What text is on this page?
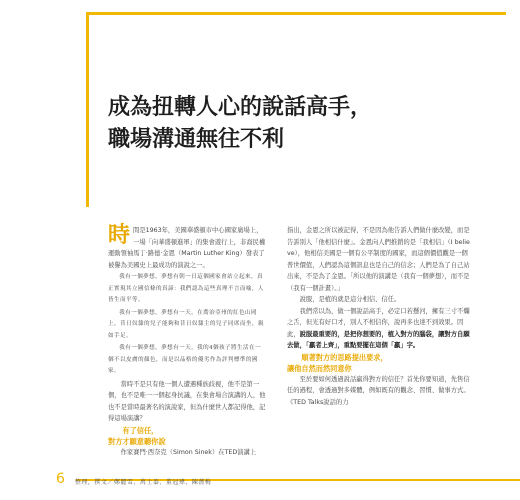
成為扭轉人心的說話高手，
職場溝通無往不利
時 間是1963年，美國華盛頓市中心國家廣場上，一場「向華盛頓進軍」的集會遊行上，非裔民權運動領袖馬丁·路德·金恩（Martin Luther King）發表了被譽為美國史上最成功的演說之一。

我有一個夢想，夢想有朝一日這個國家會站立起來，真正實現其立國信條的真諦：我們認為這些真理不言而喻，人皆生而平等。

我有一個夢想，夢想有一天，在喬治亞州的紅色山岡上，昔日奴隸的兒子能夠和昔日奴隸主的兒子同席而坐，親如手足。

我有一個夢想，夢想有一天，我的4個孩子將生活在一個不以皮膚的顏色，而是以品格的優劣作為評判標準的國家。

當時不是只有他一個人遭遇種族歧視，他不是第一個，也不是唯一一個起身抗議，在集會場合演講的人，他也不是當時最著名的演說家，但為什麼世人都記得他，記得這場演講？

有了信任，
對方才願意聽你說

作家賽門·西奈克（Simon Sinek）在TED演講上

指出，金恩之所以被記得，不是因為他告訴人們做什麼改變，而是告訴別人「他相信什麼」。金恩向人們推銷的是「我相信」（I believe），他相信美國是一個有公平制度的國家，而這個價值觀是一個普世價值，人們認為這個訊息也是自己的信念；人們是為了自己站出來，不是為了金恩。「所以他的演講是（我有一個夢想），而不是（我有一個計畫）。」

說服，是植的就是這分相信、信任。

我們常以為，做一個說話高手，必定口若懸河，擁有三寸不爛之舌，但光有好口才，別人不相信你，說再多也達不到效果。因此，說服最重要的，是把你想要的，植入對方的腦袋，讓對方自願去做，「贏者上齊」，重點要擺在這個「贏」字。

順著對方的思路提出要求，
讓他自然而然同意你

至於要如何透過說話贏得對方的信任？首先你要知道，先售信任的過程，會透過對多媒體，例如既有的觀念、習慣、做事方式。《TED Talks說話的力

6 整理，撰文／鄭麗雪、萬士蓁、董冠瑋、陳薔梅
